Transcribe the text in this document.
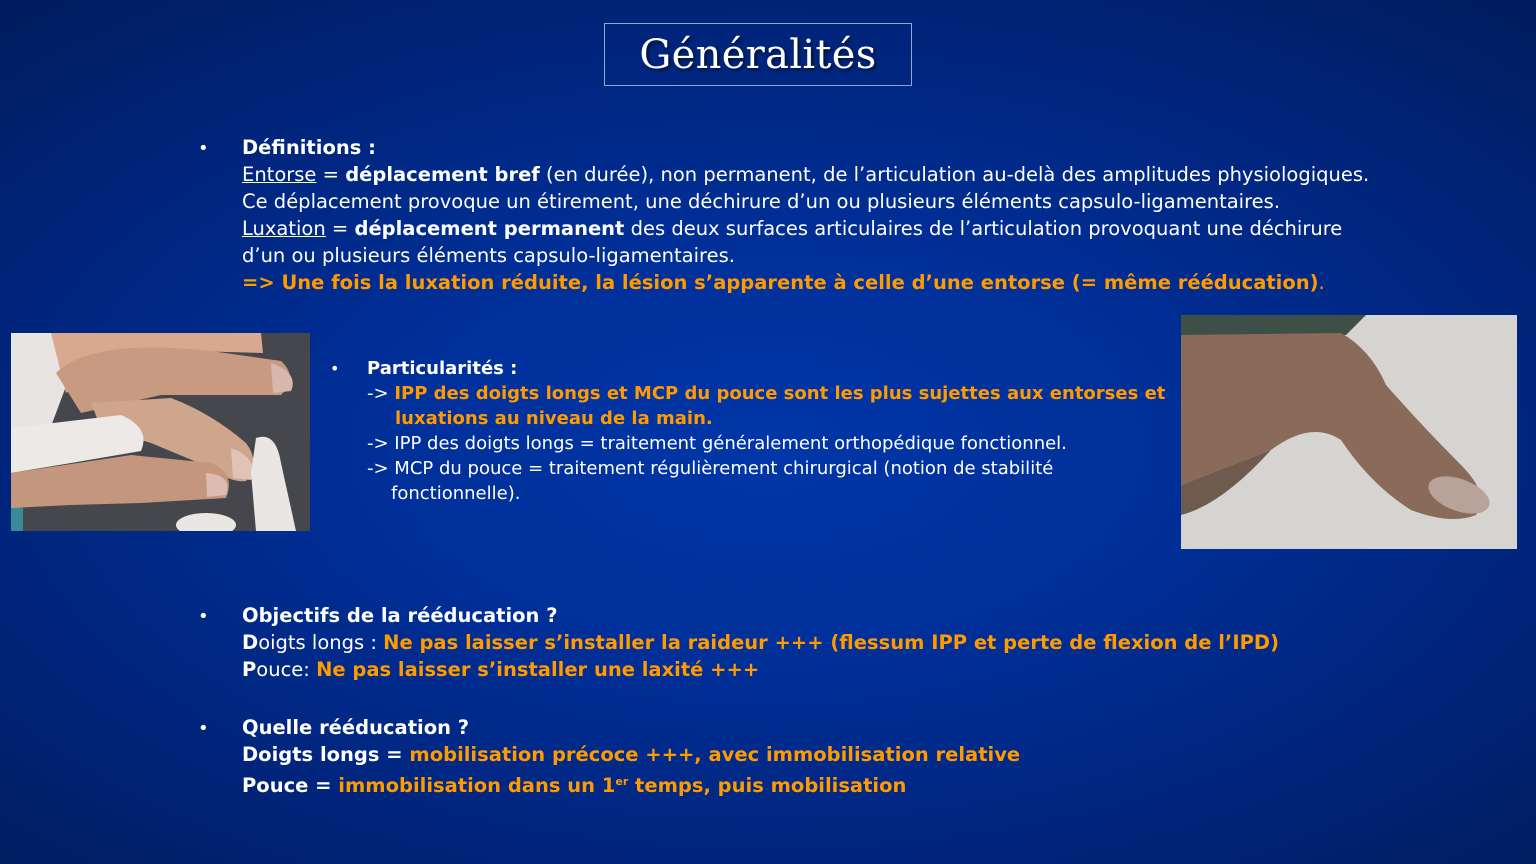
Généralités
• Définitions :
Entorse = déplacement bref (en durée), non permanent, de l’articulation au-delà des amplitudes physiologiques.
Ce déplacement provoque un étirement, une déchirure d’un ou plusieurs éléments capsulo-ligamentaires.
Luxation = déplacement permanent des deux surfaces articulaires de l’articulation provoquant une déchirure
d’un ou plusieurs éléments capsulo-ligamentaires.
=> Une fois la luxation réduite, la lésion s’apparente à celle d’une entorse (= même rééducation).
• Particularités :
-> IPP des doigts longs et MCP du pouce sont les plus sujettes aux entorses et
luxations au niveau de la main.
-> IPP des doigts longs = traitement généralement orthopédique fonctionnel.
-> MCP du pouce = traitement régulièrement chirurgical (notion de stabilité
fonctionnelle).
• Objectifs de la rééducation ?
Doigts longs : Ne pas laisser s’installer la raideur +++ (flessum IPP et perte de flexion de l’IPD)
Pouce: Ne pas laisser s’installer une laxité +++
• Quelle rééducation ?
Doigts longs = mobilisation précoce +++, avec immobilisation relative
Pouce = immobilisation dans un 1er temps, puis mobilisation
